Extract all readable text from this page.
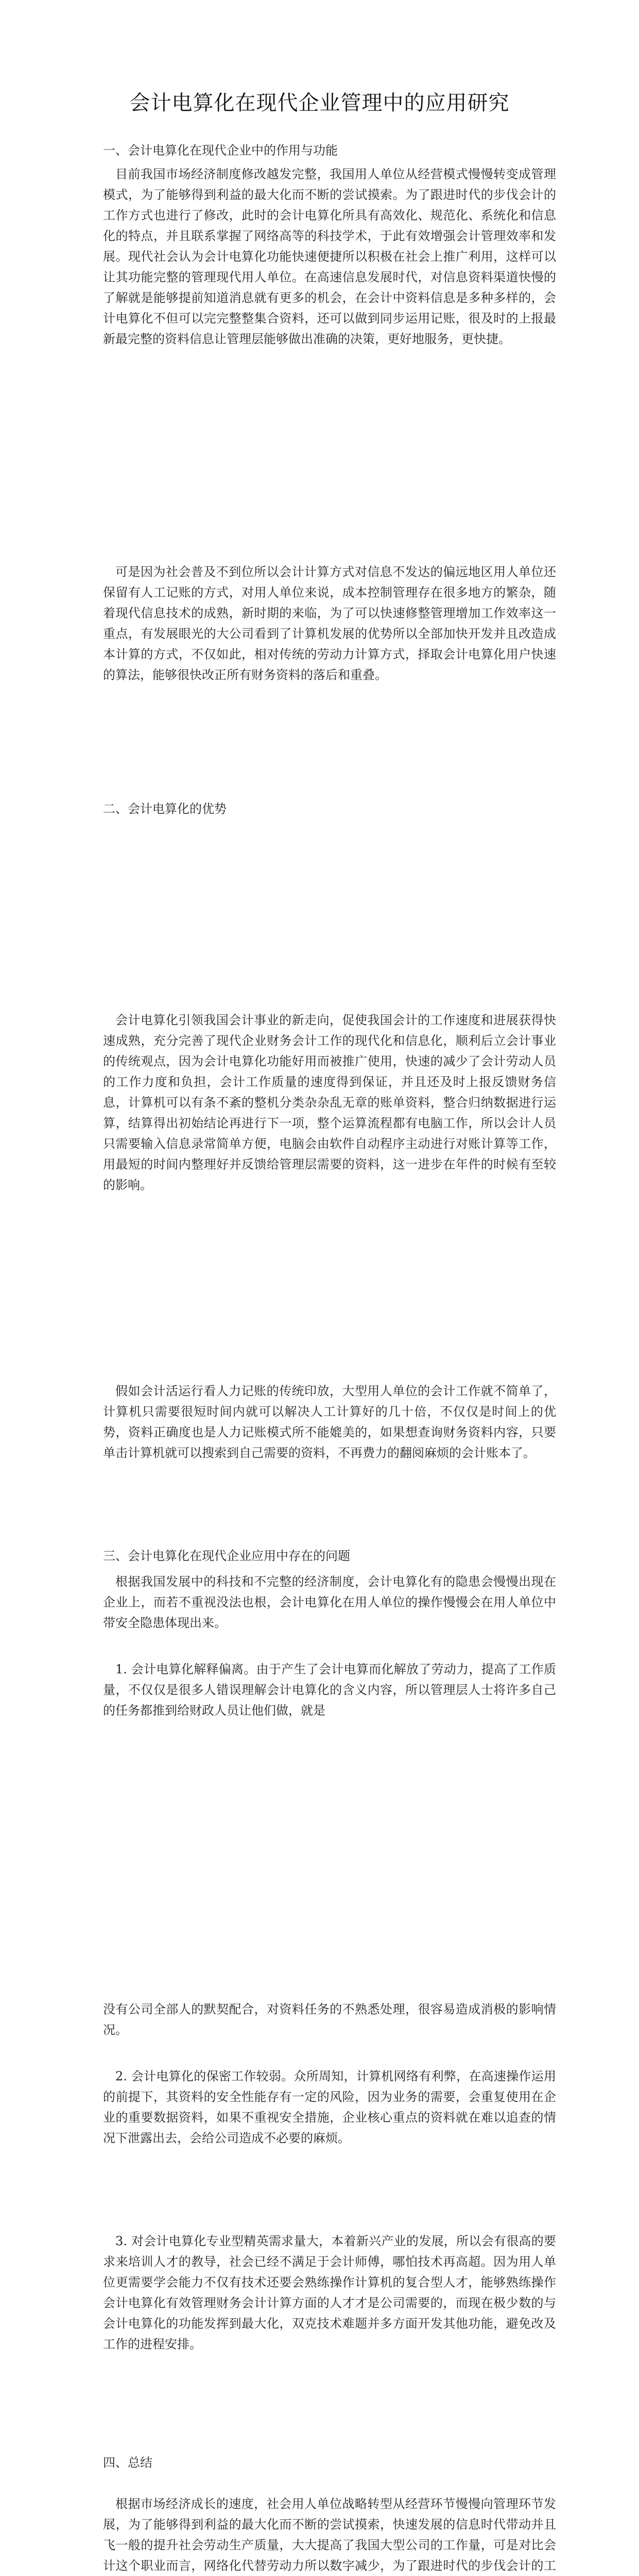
会计电算化在现代企业管理中的应用研究
一、会计电算化在现代企业中的作用与功能
目前我国市场经济制度修改越发完整，我国用人单位从经营模式慢慢转变成管理模式，为了能够得到利益的最大化而不断的尝试摸索。为了跟进时代的步伐会计的工作方式也进行了修改，此时的会计电算化所具有高效化、规范化、系统化和信息化的特点，并且联系掌握了网络高等的科技学术，于此有效增强会计管理效率和发展。现代社会认为会计电算化功能快速便捷所以积极在社会上推广利用，这样可以让其功能完整的管理现代用人单位。在高速信息发展时代，对信息资料渠道快慢的了解就是能够提前知道消息就有更多的机会，在会计中资料信息是多种多样的，会计电算化不但可以完完整整集合资料，还可以做到同步运用记账，很及时的上报最新最完整的资料信息让管理层能够做出准确的决策，更好地服务，更快捷。
可是因为社会普及不到位所以会计计算方式对信息不发达的偏远地区用人单位还保留有人工记账的方式，对用人单位来说，成本控制管理存在很多地方的繁杂，随着现代信息技术的成熟，新时期的来临，为了可以快速修整管理增加工作效率这一重点，有发展眼光的大公司看到了计算机发展的优势所以全部加快开发并且改造成本计算的方式，不仅如此，相对传统的劳动力计算方式，择取会计电算化用户快速的算法，能够很快改正所有财务资料的落后和重叠。
二、会计电算化的优势
会计电算化引领我国会计事业的新走向，促使我国会计的工作速度和进展获得快速成熟，充分完善了现代企业财务会计工作的现代化和信息化，顺利后立会计事业的传统观点，因为会计电算化功能好用而被推广使用，快速的减少了会计劳动人员的工作力度和负担，会计工作质量的速度得到保证，并且还及时上报反馈财务信息，计算机可以有条不紊的整机分类杂杂乱无章的账单资料，整合归纳数据进行运算，结算得出初始结论再进行下一项，整个运算流程都有电脑工作，所以会计人员只需要输入信息录常简单方便，电脑会由软件自动程序主动进行对账计算等工作，用最短的时间内整理好并反馈给管理层需要的资料，这一进步在年件的时候有至较的影响。
假如会计活运行看人力记账的传统印放，大型用人单位的会计工作就不简单了，计算机只需要很短时间内就可以解决人工计算好的几十倍，不仅仅是时间上的优势，资料正确度也是人力记账模式所不能媲美的，如果想查询财务资料内容，只要单击计算机就可以搜索到自己需要的资料，不再费力的翻阅麻烦的会计账本了。
三、会计电算化在现代企业应用中存在的问题
根据我国发展中的科技和不完整的经济制度，会计电算化有的隐患会慢慢出现在企业上，而若不重视没法也根，会计电算化在用人单位的操作慢慢会在用人单位中带安全隐患体现出来。
1. 会计电算化解释偏离。由于产生了会计电算而化解放了劳动力，提高了工作质量，不仅仅是很多人错误理解会计电算化的含义内容，所以管理层人士将许多自己的任务都推到给财政人员让他们做，就是
没有公司全部人的默契配合，对资料任务的不熟悉处理，很容易造成消极的影响情况。
2. 会计电算化的保密工作较弱。众所周知，计算机网络有利弊，在高速操作运用的前提下，其资料的安全性能存有一定的风险，因为业务的需要，会重复使用在企业的重要数据资料，如果不重视安全措施，企业核心重点的资料就在难以追查的情况下泄露出去，会给公司造成不必要的麻烦。
3. 对会计电算化专业型精英需求量大，本着新兴产业的发展，所以会有很高的要求来培训人才的教导，社会已经不满足于会计师傅，哪怕技术再高超。因为用人单位更需要学会能力不仅有技术还要会熟练操作计算机的复合型人才，能够熟练操作会计电算化有效管理财务会计计算方面的人才才是公司需要的，而现在极少数的与会计电算化的功能发挥到最大化，双克技术难题并多方面开发其他功能，避免改及工作的进程安排。
四、总结
根据市场经济成长的速度，社会用人单位战略转型从经营环节慢慢向管理环节发展，为了能够得到利益的最大化而不断的尝试摸索，快速发展的信息时代带动并且飞一般的提升社会劳动生产质量，大大提高了我国大型公司的工作量，可是对比会计这个职业而言，网络化代替劳动力所以数字减少，为了跟进时代的步伐会计的工
